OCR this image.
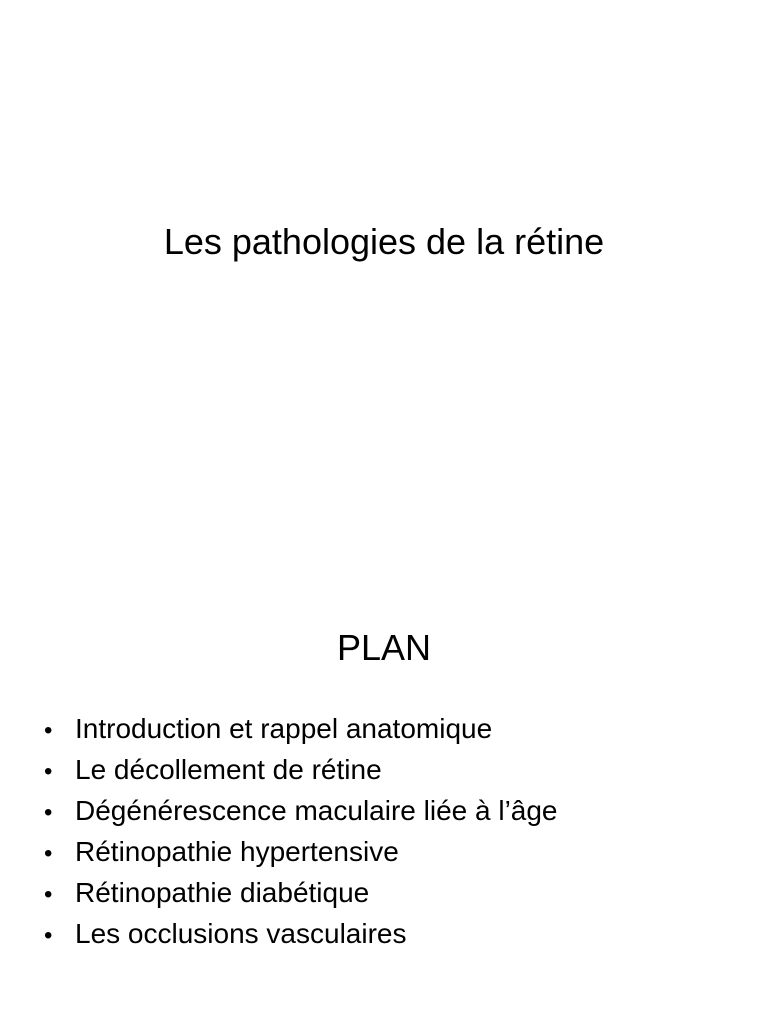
Les pathologies de la rétine
PLAN
• Introduction et rappel anatomique
• Le décollement de rétine
• Dégénérescence maculaire liée à l’âge
• Rétinopathie hypertensive
• Rétinopathie diabétique
• Les occlusions vasculaires
